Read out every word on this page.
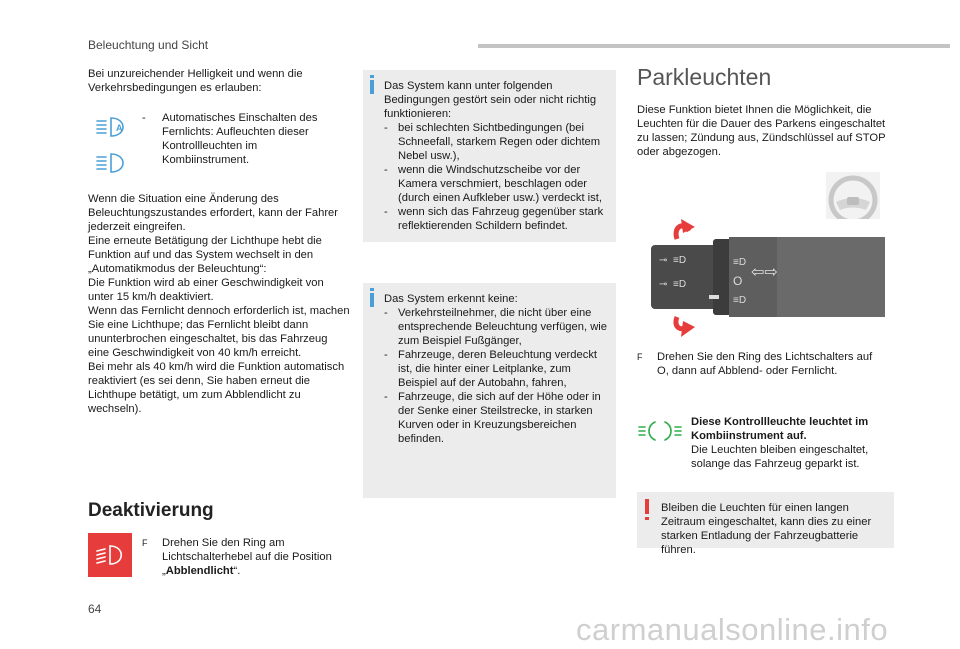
Beleuchtung und Sicht
Bei unzureichender Helligkeit und wenn die Verkehrsbedingungen es erlauben:
A
- Automatisches Einschalten des Fernlichts: Aufleuchten dieser Kontrollleuchten im Kombiinstrument.
Wenn die Situation eine Änderung des Beleuchtungszustandes erfordert, kann der Fahrer jederzeit eingreifen.
Eine erneute Betätigung der Lichthupe hebt die Funktion auf und das System wechselt in den „Automatikmodus der Beleuchtung“:
Die Funktion wird ab einer Geschwindigkeit von unter 15 km/h deaktiviert.
Wenn das Fernlicht dennoch erforderlich ist, machen Sie eine Lichthupe; das Fernlicht bleibt dann ununterbrochen eingeschaltet, bis das Fahrzeug eine Geschwindigkeit von 40 km/h erreicht.
Bei mehr als 40 km/h wird die Funktion automatisch reaktiviert (es sei denn, Sie haben erneut die Lichthupe betätigt, um zum Abblendlicht zu wechseln).
Deaktivierung
F Drehen Sie den Ring am Lichtschalterhebel auf die Position „Abblendlicht“.
Das System kann unter folgenden Bedingungen gestört sein oder nicht richtig funktionieren:
- bei schlechten Sichtbedingungen (bei Schneefall, starkem Regen oder dichtem Nebel usw.),
- wenn die Windschutzscheibe vor der Kamera verschmiert, beschlagen oder (durch einen Aufkleber usw.) verdeckt ist,
- wenn sich das Fahrzeug gegenüber stark reflektierenden Schildern befindet.
Das System erkennt keine:
- Verkehrsteilnehmer, die nicht über eine entsprechende Beleuchtung verfügen, wie zum Beispiel Fußgänger,
- Fahrzeuge, deren Beleuchtung verdeckt ist, die hinter einer Leitplanke, zum Beispiel auf der Autobahn, fahren,
- Fahrzeuge, die sich auf der Höhe oder in der Senke einer Steilstrecke, in starken Kurven oder in Kreuzungsbereichen befinden.
Parkleuchten
Diese Funktion bietet Ihnen die Möglichkeit, die Leuchten für die Dauer des Parkens eingeschaltet zu lassen; Zündung aus, Zündschlüssel auf STOP oder abgezogen.
⊸ ≡D
⊸ ≡D
≡D
O
≡D
⇦⇨
F Drehen Sie den Ring des Lichtschalters auf O, dann auf Abblend- oder Fernlicht.
Diese Kontrollleuchte leuchtet im Kombiinstrument auf.
Die Leuchten bleiben eingeschaltet, solange das Fahrzeug geparkt ist.
Bleiben die Leuchten für einen langen Zeitraum eingeschaltet, kann dies zu einer starken Entladung der Fahrzeugbatterie führen.
64
carmanualsonline.info
